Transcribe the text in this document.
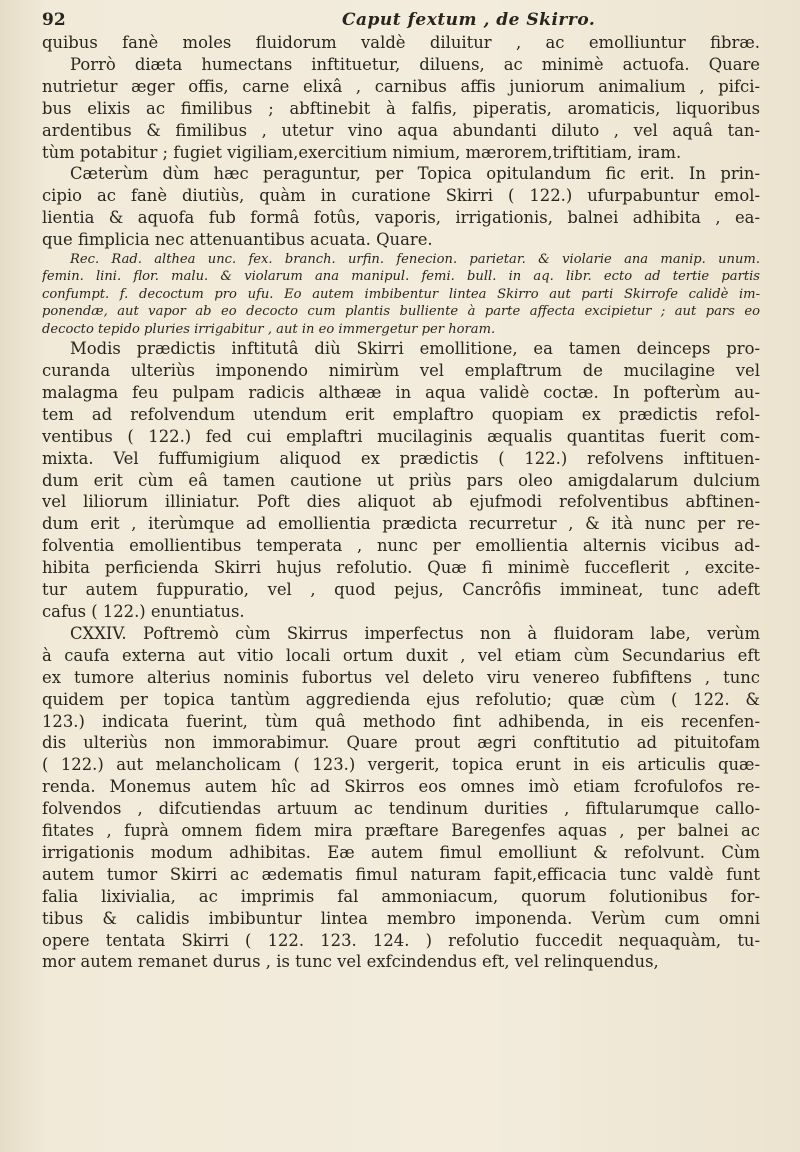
92	Caput fextum , de Skirro.
quibus fanè moles fluidorum valdè diluitur , ac emolliuntur fibræ.
Porrò diæta humectans inftituetur, diluens, ac minimè actuofa. Quare
nutrietur æger offis, carne elixâ , carnibus affis juniorum animalium , pifci-
bus elixis ac fimilibus ; abftinebit à falfis, piperatis, aromaticis, liquoribus
ardentibus & fimilibus , utetur vino aqua abundanti diluto , vel aquâ tan-
tùm potabitur ; fugiet vigiliam,exercitium nimium, mærorem,triftitiam, iram.
Cæterùm dùm hæc peraguntur, per Topica opitulandum fic erit. In prin-
cipio ac fanè diutiùs, quàm in curatione Skirri ( 122.) ufurpabuntur emol-
lientia & aquofa fub formâ fotûs, vaporis, irrigationis, balnei adhibita , ea-
que fimplicia nec attenuantibus acuata. Quare.
Rec. Rad. althea unc. fex. branch. urfin. fenecion. parietar. & violarie ana manip. unum.
femin. lini. flor. malu. & violarum ana manipul. femi. bull. in aq. libr. ecto ad tertie partis
confumpt. f. decoctum pro ufu. Eo autem imbibentur lintea Skirro aut parti Skirrofe calidè im-
ponendæ, aut vapor ab eo decocto cum plantis bulliente à parte affecta excipietur ; aut pars eo
decocto tepido pluries irrigabitur , aut in eo immergetur per horam.
Modis prædictis inftitutâ diù Skirri emollitione, ea tamen deinceps pro-
curanda ulteriùs imponendo nimirùm vel emplaftrum de mucilagine vel
malagma feu pulpam radicis althææ in aqua validè coctæ. In pofterùm au-
tem ad refolvendum utendum erit emplaftro quopiam ex prædictis refol-
ventibus ( 122.) fed cui emplaftri mucilaginis æqualis quantitas fuerit com-
mixta. Vel fuffumigium aliquod ex prædictis ( 122.) refolvens inftituen-
dum erit cùm eâ tamen cautione ut priùs pars oleo amigdalarum dulcium
vel liliorum illiniatur. Poft dies aliquot ab ejufmodi refolventibus abftinen-
dum erit , iterùmque ad emollientia prædicta recurretur , & ità nunc per re-
folventia emollientibus temperata , nunc per emollientia alternis vicibus ad-
hibita perficienda Skirri hujus refolutio. Quæ fi minimè fucceflerit , excite-
tur autem fuppuratio, vel , quod pejus, Cancrôfis immineat, tunc adeft
cafus ( 122.) enuntiatus.
CXXIV. Poftremò cùm Skirrus imperfectus non à fluidoram labe, verùm
à caufa externa aut vitio locali ortum duxit , vel etiam cùm Secundarius eft
ex tumore alterius nominis fubortus vel deleto viru venereo fubfiftens , tunc
quidem per topica tantùm aggredienda ejus refolutio; quæ cùm ( 122. &
123.) indicata fuerint, tùm quâ methodo fint adhibenda, in eis recenfen-
dis ulteriùs non immorabimur. Quare prout ægri conftitutio ad pituitofam
( 122.) aut melancholicam ( 123.) vergerit, topica erunt in eis articulis quæ-
renda. Monemus autem hîc ad Skirros eos omnes imò etiam fcrofulofos re-
folvendos , difcutiendas artuum ac tendinum durities , fiftularumque callo-
fitates , fuprà omnem fidem mira præftare Baregenfes aquas , per balnei ac
irrigationis modum adhibitas. Eæ autem fimul emolliunt & refolvunt. Cùm
autem tumor Skirri ac ædematis fimul naturam fapit,efficacia tunc valdè funt
falia lixivialia, ac imprimis fal ammoniacum, quorum folutionibus for-
tibus & calidis imbibuntur lintea membro imponenda. Verùm cum omni
opere tentata Skirri ( 122. 123. 124. ) refolutio fuccedit nequaquàm, tu-
mor autem remanet durus , is tunc vel exfcindendus eft, vel relinquendus,
